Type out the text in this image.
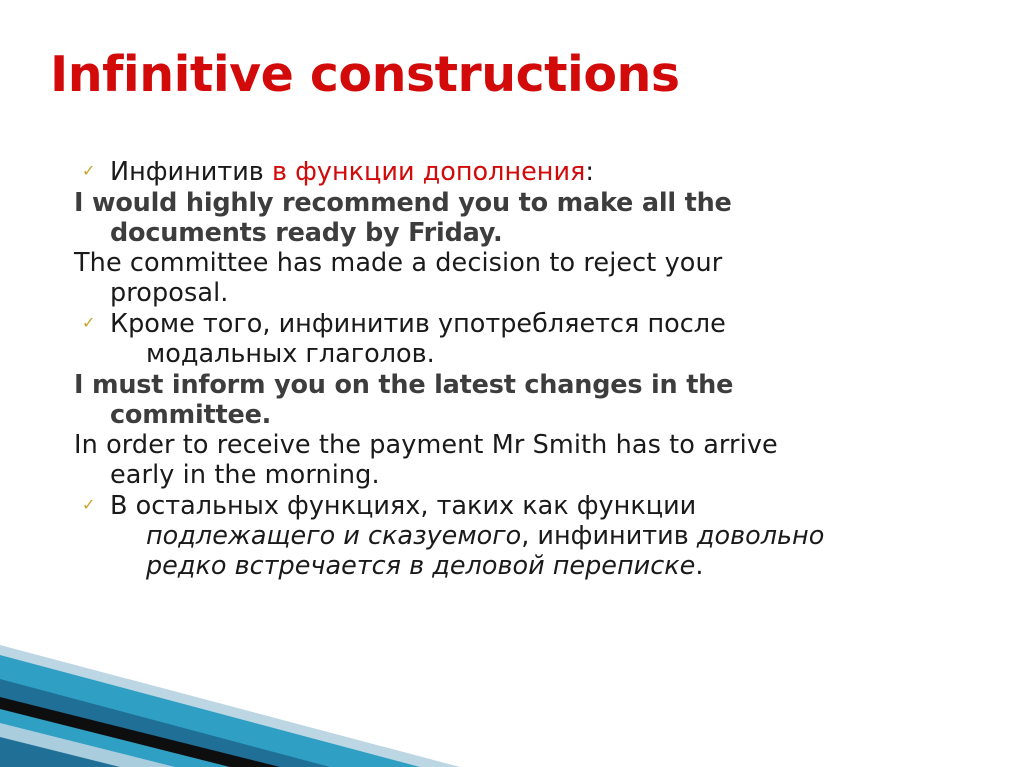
Infinitive constructions
✓ Инфинитив в функции дополнения:
I would highly recommend you to make all the
documents ready by Friday.
The committee has made a decision to reject your
proposal.
✓ Кроме того, инфинитив употребляется после
модальных глаголов.
I must inform you on the latest changes in the
committee.
In order to receive the payment Mr Smith has to arrive
early in the morning.
✓ В остальных функциях, таких как функции
подлежащего и сказуемого, инфинитив довольно
редко встречается в деловой переписке.
